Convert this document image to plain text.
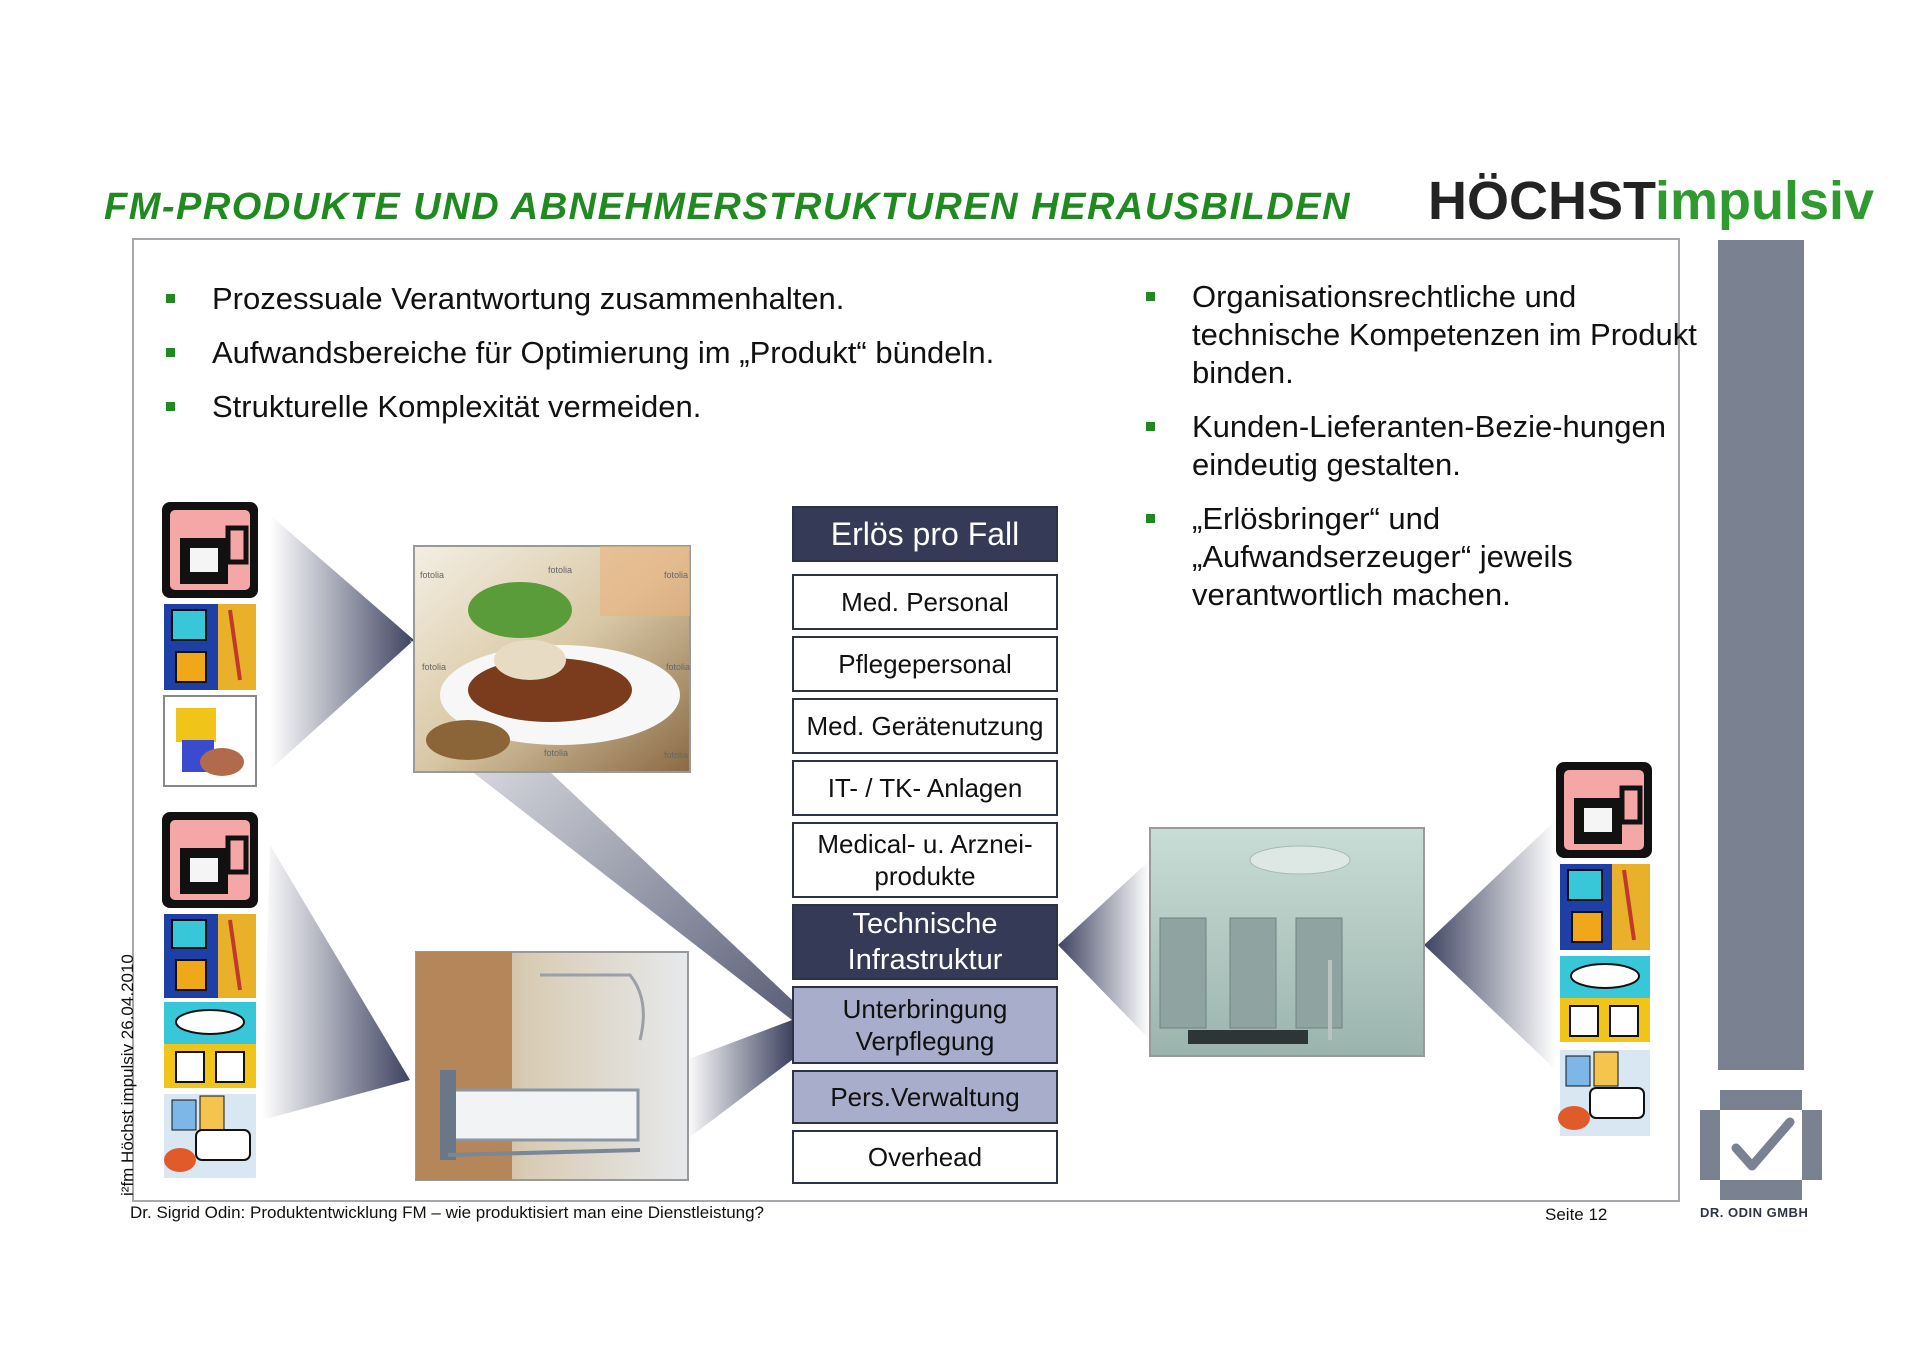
fotolia	fotolia	fotolia
fotolia	fotolia
fotolia	fotolia
FM-PRODUKTE UND ABNEHMERSTRUKTUREN HERAUSBILDEN HÖCHSTimpulsiv
Prozessuale Verantwortung zusammenhalten.
Aufwandsbereiche für Optimierung im „Produkt“ bündeln.
Strukturelle Komplexität vermeiden.
Organisationsrechtliche und technische Kompetenzen im Produkt binden.
Kunden-Lieferanten-Bezie-hungen eindeutig gestalten.
„Erlösbringer“ und „Aufwandserzeuger“ jeweils verantwortlich machen.
Erlös pro Fall
Med. Personal
Pflegepersonal
Med. Gerätenutzung
IT- / TK- Anlagen
Medical- u. Arznei-produkte
Technische Infrastruktur
Unterbringung Verpflegung
Pers.Verwaltung
Overhead
Dr. Sigrid Odin: Produktentwicklung FM – wie produktisiert man eine Dienstleistung?	Seite 12
i²fm Höchst impulsiv 26.04.2010
DR. ODIN GMBH
